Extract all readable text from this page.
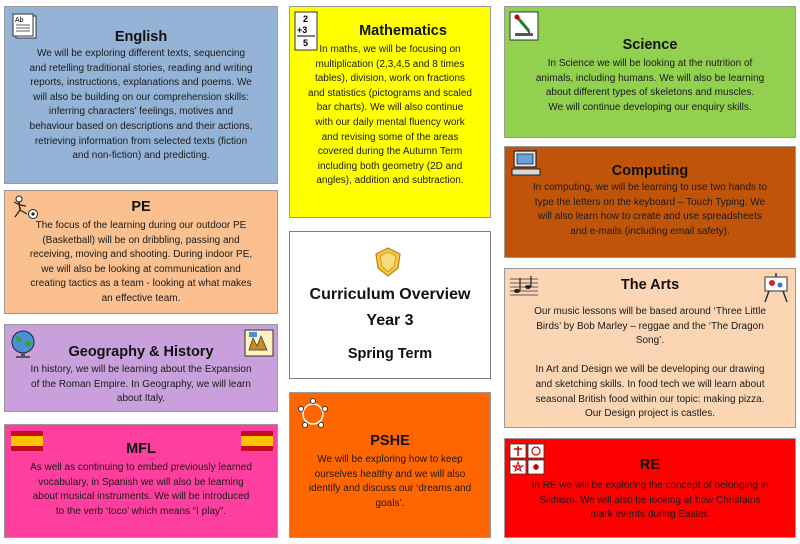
Ab
English

We will be exploring different texts, sequencing
and retelling traditional stories, reading and writing
reports, instructions, explanations and poems. We
will also be building on our comprehension skills:
inferring characters’ feelings, motives and
behaviour based on descriptions and their actions,
retrieving information from selected texts (fiction
and non-fiction) and predicting.

2
+3
5
Mathematics

In maths, we will be focusing on
multiplication (2,3,4,5 and 8 times
tables), division, work on fractions
and statistics (pictograms and scaled
bar charts). We will also continue
with our daily mental fluency work
and revising some of the areas
covered during the Autumn Term
including both geometry (2D and
angles), addition and subtraction.

Science

In Science we will be looking at the nutrition of
animals, including humans. We will also be learning
about different types of skeletons and muscles.
We will continue developing our enquiry skills.

PE

The focus of the learning during our outdoor PE
(Basketball) will be on dribbling, passing and
receiving, moving and shooting. During indoor PE,
we will also be looking at communication and
creating tactics as a team - looking at what makes
an effective team.

Computing

In computing, we will be learning to use two hands to
type the letters on the keyboard – Touch Typing. We
will also learn how to create and use spreadsheets
and e-mails (including email safety).

Curriculum Overview
Year 3
Spring Term
The Arts

Our music lessons will be based around ‘Three Little
Birds’ by Bob Marley – reggae and the ‘The Dragon
Song’.

In Art and Design we will be developing our drawing
and sketching skills. In food tech we will learn about
seasonal British food within our topic: making pizza.
Our Design project is castles.

Geography & History

In history, we will be learning about the Expansion
of the Roman Empire. In Geography, we will learn
about Italy.

MFL

As well as continuing to embed previously learned
vocabulary, in Spanish we will also be learning
about musical instruments. We will be introduced
to the verb ‘toco’ which means “I play”.

PSHE

We will be exploring how to keep
ourselves healthy and we will also
identify and discuss our ‘dreams and
goals’.

RE

In RE we will be exploring the concept of belonging in
Sikhism. We will also be looking at how Christains
mark events during Easter.
